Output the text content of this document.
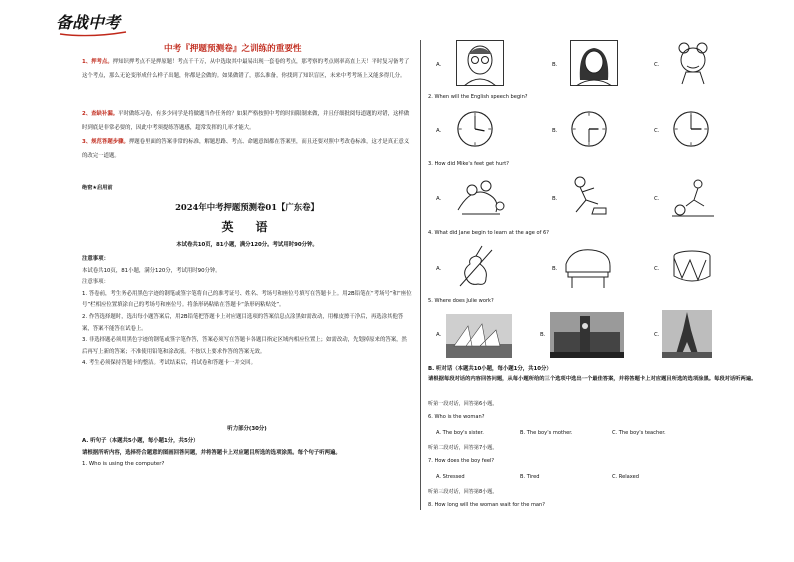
备战中考
中考『押题预测卷』之训练的重要性
1、押考点。押知识押考点不是押原题！考点千千万，从中选取其中最易出现一套卷的考点，那考察的考点则率高直上天！平时复习备考了这个考点，那么无论变形成什么样子出题，你都是会做的。如果做错了，那么准备，你找到了知识盲区，未来中考考场上又能多得几分。
2、查缺补漏。平时做练习卷，有多少同学是将做题当作任务的？如果严格按照中考的时间限制来做，并且仔细批阅每道题的对错，这样做时到底是非常必要的，因此中考须提练答题感，超常发挥的几率才能大。
3、规范答题步骤。押题卷里面的答案非常的标准，解题思路、考点、命题意图都在答案里，而且还要对照中考改卷标准，这才是真正意义的改完一道题。
绝密★启用前
2024年中考押题预测卷01【广东卷】
英　语
本试卷共10页，81小题，满分120分。考试用时90分钟。

注意事项：

本试卷共10页，81小题，满分120分，考试用时90分钟。

注意事项：

1. 答卷前，考生务必用黑色字迹的钢笔或签字笔将自己的准考证号、姓名、考场号和座位号填写在答题卡上。用2B铅笔在“考场号”和“座位号”栏相应位置填涂自己的考场号和座位号。将条形码粘贴在答题卡“条形码粘贴处”。

2. 作答选择题时，选出每小题答案后，用2B铅笔把答题卡上对应题目选项的答案信息点涂黑如需改动，用橡皮擦干净后，再选涂其他答案，答案不能答在试卷上。

3. 非选择题必须用黑色字迹的钢笔或签字笔作答，答案必须写在答题卡各题目指定区域内相应位置上；如需改动，先划掉原来的答案，然后再写上新的答案；不准使用铅笔和涂改液。不按以上要求作答的答案无效。

4. 考生必须保持答题卡的整洁。考试结束后，将试卷和答题卡一并交回。

听力部分(30分)

A. 听句子（本题共5小题，每小题1分，共5分）

请根据所听内容，选择符合题意的图画回答问题，并将答题卡上对应题目所选的选项涂黑。每个句子听两遍。

1. Who is using the computer?

A.	B.	C.
2. When will the English speech begin?
A.	B.	C.
3. How did Mike's feet get hurt?
A.	B.	C.
4. What did Jane begin to learn at the age of 6?
A.	B.	C.
5. Where does Julie work?
A.	B.	C.
B. 听对话（本题共10小题，每小题1分，共10分）
请根据每段对话的内容回答问题，从每小题所给的三个选项中选出一个最佳答案，并将答题卡上对应题目所选的选项涂黑。每段对话听两遍。
听第一段对话，回答第6小题。
6. Who is the woman?
A. The boy's sister.	B. The boy's mother.	C. The boy's teacher.
听第二段对话，回答第7小题。
7. How does the boy feel?
A. Stressed	B. Tired	C. Relaxed
听第三段对话，回答第8小题。
8. How long will the woman wait for the man?
